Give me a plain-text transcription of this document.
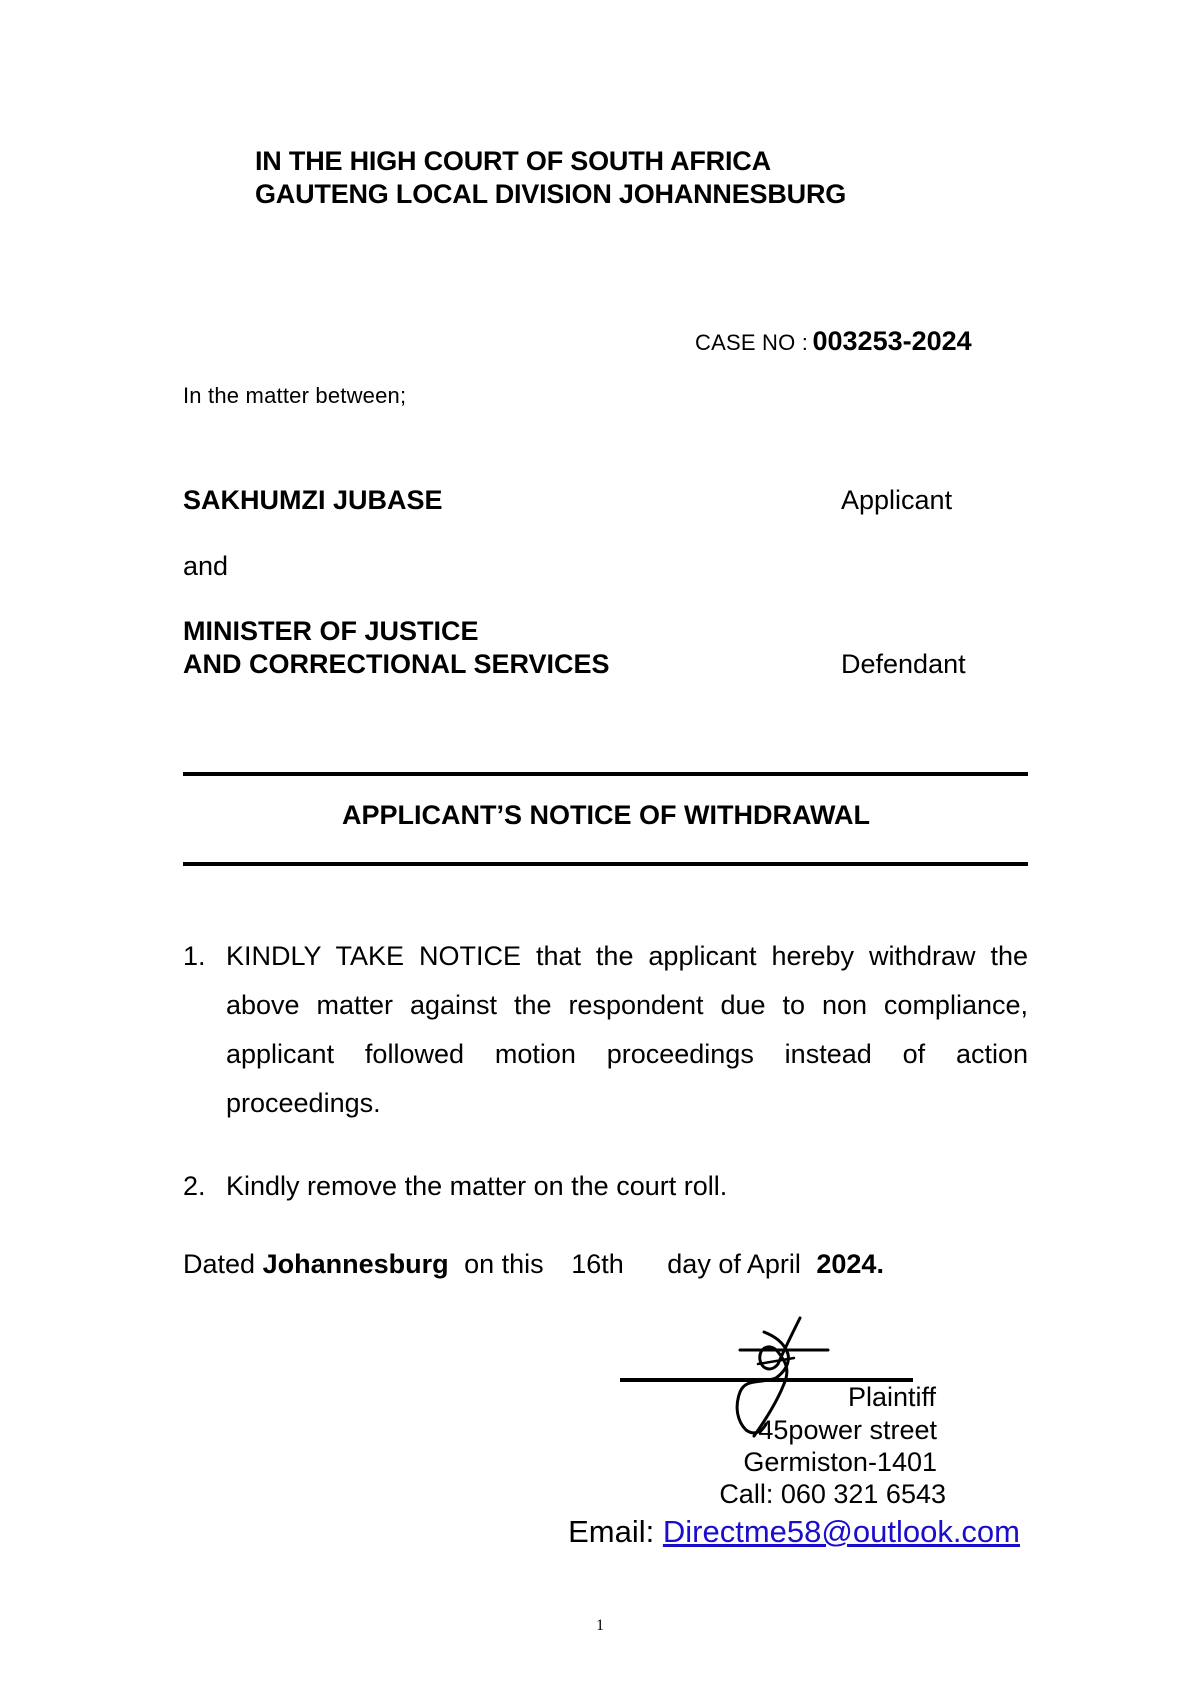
IN THE HIGH COURT OF SOUTH AFRICA
GAUTENG LOCAL DIVISION JOHANNESBURG
CASE NO : 003253-2024
In the matter between;
SAKHUMZI JUBASE	Applicant
and
MINISTER OF JUSTICE
AND CORRECTIONAL SERVICES	Defendant
APPLICANT’S NOTICE OF WITHDRAWAL
1. KINDLY TAKE NOTICE that the applicant hereby withdraw the above matter against the respondent due to non compliance, applicant followed motion proceedings instead of action proceedings.
2. Kindly remove the matter on the court roll.
Dated Johannesburg on this 16th day of April 2024.
Plaintiff
45power street
Germiston-1401
Call: 060 321 6543
Email: Directme58@outlook.com
1
